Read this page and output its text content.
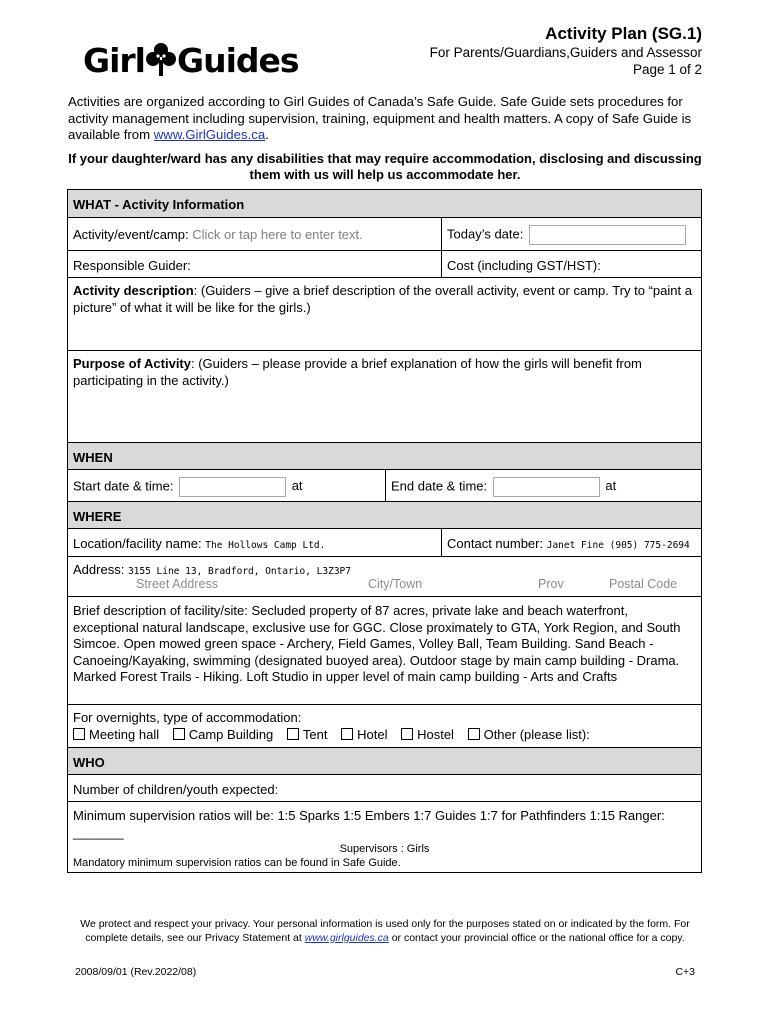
Girl Guides
Activity Plan (SG.1)
For Parents/Guardians,Guiders and Assessor
Page 1 of 2
Activities are organized according to Girl Guides of Canada’s Safe Guide. Safe Guide sets procedures for activity management including supervision, training, equipment and health matters. A copy of Safe Guide is available from www.GirlGuides.ca.
If your daughter/ward has any disabilities that may require accommodation, disclosing and discussing them with us will help us accommodate her.
WHAT - Activity Information
Activity/event/camp: Click or tap here to enter text.	Today’s date:
Responsible Guider:	Cost (including GST/HST):
Activity description: (Guiders – give a brief description of the overall activity, event or camp. Try to “paint a picture” of what it will be like for the girls.)
Purpose of Activity: (Guiders – please provide a brief explanation of how the girls will benefit from participating in the activity.)
WHEN
Start date & time:	at	End date & time:	at
WHERE
Location/facility name: The Hollows Camp Ltd.	Contact number: Janet Fine (905) 775-2694
Address: 3155 Line 13, Bradford, Ontario, L3Z3P7
Street Address	City/Town	Prov	Postal Code
Brief description of facility/site: Secluded property of 87 acres, private lake and beach waterfront, exceptional natural landscape, exclusive use for GGC. Close proximately to GTA, York Region, and South Simcoe. Open mowed green space - Archery, Field Games, Volley Ball, Team Building. Sand Beach - Canoeing/Kayaking, swimming (designated buoyed area). Outdoor stage by main camp building - Drama. Marked Forest Trails - Hiking. Loft Studio in upper level of main camp building - Arts and Crafts
For overnights, type of accommodation:
Meeting hall Camp Building Tent Hotel Hostel Other (please list):
WHO
Number of children/youth expected:
Minimum supervision ratios will be: 1:5 Sparks 1:5 Embers 1:7 Guides 1:7 for Pathfinders 1:15 Ranger: _______
Supervisors : Girls
Mandatory minimum supervision ratios can be found in Safe Guide.
We protect and respect your privacy. Your personal information is used only for the purposes stated on or indicated by the form. For complete details, see our Privacy Statement at www.girlguides.ca or contact your provincial office or the national office for a copy.
2008/09/01 (Rev.2022/08)	C+3
